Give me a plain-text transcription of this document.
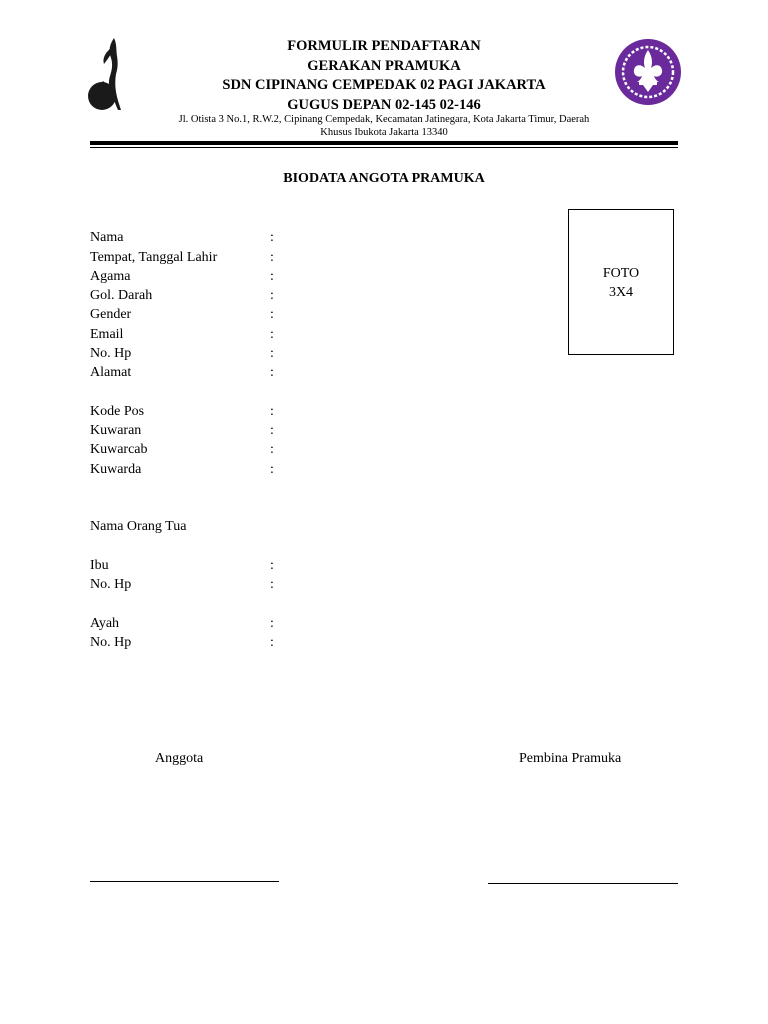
FORMULIR PENDAFTARAN
GERAKAN PRAMUKA
SDN CIPINANG CEMPEDAK 02 PAGI JAKARTA
GUGUS DEPAN 02-145 02-146
Jl. Otista 3 No.1, R.W.2, Cipinang Cempedak, Kecamatan Jatinegara, Kota Jakarta Timur, Daerah
Khusus Ibukota Jakarta 13340
BIODATA ANGOTA PRAMUKA
FOTO
3X4
Nama	:
Tempat, Tanggal Lahir	:
Agama	:
Gol. Darah	:
Gender	:
Email	:
No. Hp	:
Alamat	:
Kode Pos	:
Kuwaran	:
Kuwarcab	:
Kuwarda	:
Nama Orang Tua
Ibu	:
No. Hp	:
Ayah	:
No. Hp	:
Anggota	Pembina Pramuka
